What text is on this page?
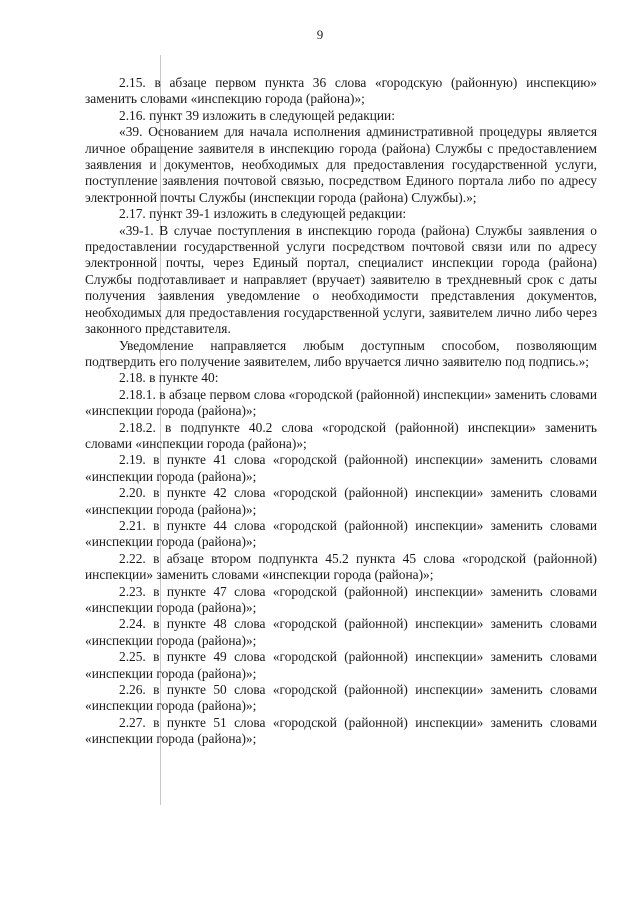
9

2.15. в абзаце первом пункта 36 слова «городскую (районную) инспекцию» заменить словами «инспекцию города (района)»;

2.16. пункт 39 изложить в следующей редакции:

«39. Основанием для начала исполнения административной процедуры является личное обращение заявителя в инспекцию города (района) Службы с предоставлением заявления и документов, необходимых для предоставления государственной услуги, поступление заявления почтовой связью, посредством Единого портала либо по адресу электронной почты Службы (инспекции города (района) Службы).»;

2.17. пункт 39-1 изложить в следующей редакции:

«39-1. В случае поступления в инспекцию города (района) Службы заявления о предоставлении государственной услуги посредством почтовой связи или по адресу электронной почты, через Единый портал, специалист инспекции города (района) Службы подготавливает и направляет (вручает) заявителю в трехдневный срок с даты получения заявления уведомление о необходимости представления документов, необходимых для предоставления государственной услуги, заявителем лично либо через законного представителя.

Уведомление направляется любым доступным способом, позволяющим подтвердить его получение заявителем, либо вручается лично заявителю под подпись.»;

2.18. в пункте 40:

2.18.1. в абзаце первом слова «городской (районной) инспекции» заменить словами «инспекции города (района)»;

2.18.2. в подпункте 40.2 слова «городской (районной) инспекции» заменить словами «инспекции города (района)»;

2.19. в пункте 41 слова «городской (районной) инспекции» заменить словами «инспекции города (района)»;

2.20. в пункте 42 слова «городской (районной) инспекции» заменить словами «инспекции города (района)»;

2.21. в пункте 44 слова «городской (районной) инспекции» заменить словами «инспекции города (района)»;

2.22. в абзаце втором подпункта 45.2 пункта 45 слова «городской (районной) инспекции» заменить словами «инспекции города (района)»;

2.23. в пункте 47 слова «городской (районной) инспекции» заменить словами «инспекции города (района)»;

2.24. в пункте 48 слова «городской (районной) инспекции» заменить словами «инспекции города (района)»;

2.25. в пункте 49 слова «городской (районной) инспекции» заменить словами «инспекции города (района)»;

2.26. в пункте 50 слова «городской (районной) инспекции» заменить словами «инспекции города (района)»;

2.27. в пункте 51 слова «городской (районной) инспекции» заменить словами «инспекции города (района)»;
